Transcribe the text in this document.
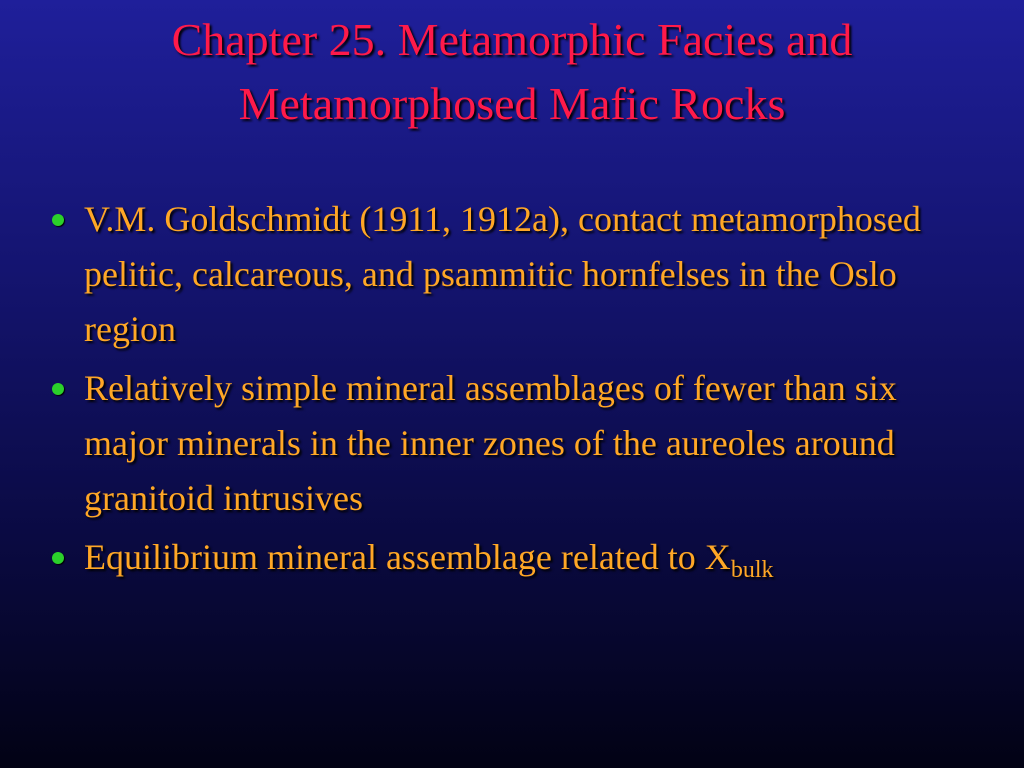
Chapter 25. Metamorphic Facies and
Metamorphosed Mafic Rocks
V.M. Goldschmidt (1911, 1912a), contact metamorphosed pelitic, calcareous, and psammitic hornfelses in the Oslo region
Relatively simple mineral assemblages of fewer than six major minerals in the inner zones of the aureoles around granitoid intrusives
Equilibrium mineral assemblage related to $X_{bulk}$
